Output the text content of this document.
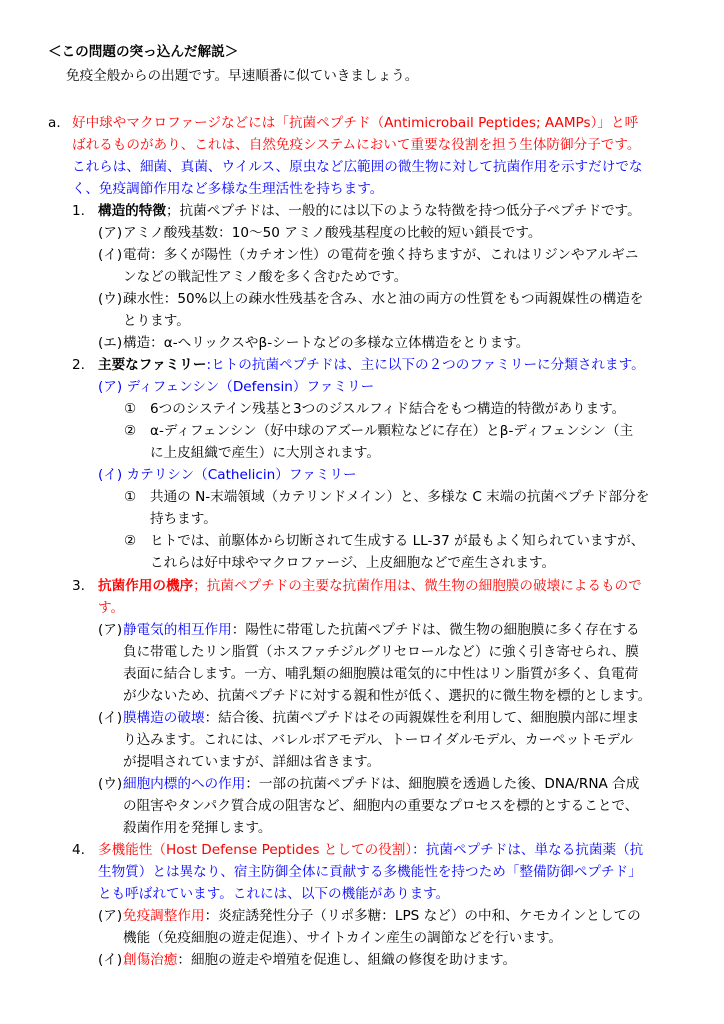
＜この問題の突っ込んだ解説＞
免疫全般からの出題です。早速順番に似ていきましょう。
a. 好中球やマクロファージなどには「抗菌ペプチド（Antimicrobail Peptides; AAMPs）」と呼
ばれるものがあり、これは、自然免疫システムにおいて重要な役割を担う生体防御分子です。
これらは、細菌、真菌、ウイルス、原虫など広範囲の微生物に対して抗菌作用を示すだけでな
く、免疫調節作用など多様な生理活性を持ちます。
1. 構造的特徴；抗菌ペプチドは、一般的には以下のような特徴を持つ低分子ペプチドです。
(ア) アミノ酸残基数：10～50 アミノ酸残基程度の比較的短い鎖長です。
(イ) 電荷：多くが陽性（カチオン性）の電荷を強く持ちますが、これはリジンやアルギニ
ンなどの戦記性アミノ酸を多く含むためです。
(ウ) 疎水性：50%以上の疎水性残基を含み、水と油の両方の性質をもつ両親媒性の構造を
とります。
(エ) 構造：α-へリックスやβ-シートなどの多様な立体構造をとります。
2. 主要なファミリー:ヒトの抗菌ペプチドは、主に以下の２つのファミリーに分類されます。
(ア) ディフェンシン（Defensin）ファミリー
① 6つのシステイン残基と3つのジスルフィド結合をもつ構造的特徴があります。
② α-ディフェンシン（好中球のアズール顆粒などに存在）とβ-ディフェンシン（主
に上皮組織で産生）に大別されます。
(イ) カテリシン（Cathelicin）ファミリー
① 共通の N-末端領域（カテリンドメイン）と、多様な C 末端の抗菌ペプチド部分を
持ちます。
② ヒトでは、前駆体から切断されて生成する LL-37 が最もよく知られていますが、
これらは好中球やマクロファージ、上皮細胞などで産生されます。
3. 抗菌作用の機序；抗菌ペプチドの主要な抗菌作用は、微生物の細胞膜の破壊によるもので
す。
(ア) 静電気的相互作用：陽性に帯電した抗菌ペプチドは、微生物の細胞膜に多く存在する
負に帯電したリン脂質（ホスファチジルグリセロールなど）に強く引き寄せられ、膜
表面に結合します。一方、哺乳類の細胞膜は電気的に中性はリン脂質が多く、負電荷
が少ないため、抗菌ペプチドに対する親和性が低く、選択的に微生物を標的とします。
(イ) 膜構造の破壊：結合後、抗菌ペプチドはその両親媒性を利用して、細胞膜内部に埋ま
り込みます。これには、バレルボアモデル、トーロイダルモデル、カーペットモデル
が提唱されていますが、詳細は省きます。
(ウ) 細胞内標的への作用：一部の抗菌ペプチドは、細胞膜を透過した後、DNA/RNA 合成
の阻害やタンパク質合成の阻害など、細胞内の重要なプロセスを標的とすることで、
殺菌作用を発揮します。
4. 多機能性（Host Defense Peptides としての役割）：抗菌ペプチドは、単なる抗菌薬（抗
生物質）とは異なり、宿主防御全体に貢献する多機能性を持つため「整備防御ペプチド」
とも呼ばれています。これには、以下の機能があります。
(ア) 免疫調整作用：炎症誘発性分子（リポ多糖：LPS など）の中和、ケモカインとしての
機能（免疫細胞の遊走促進）、サイトカイン産生の調節などを行います。
(イ) 創傷治癒：細胞の遊走や増殖を促進し、組織の修復を助けます。
